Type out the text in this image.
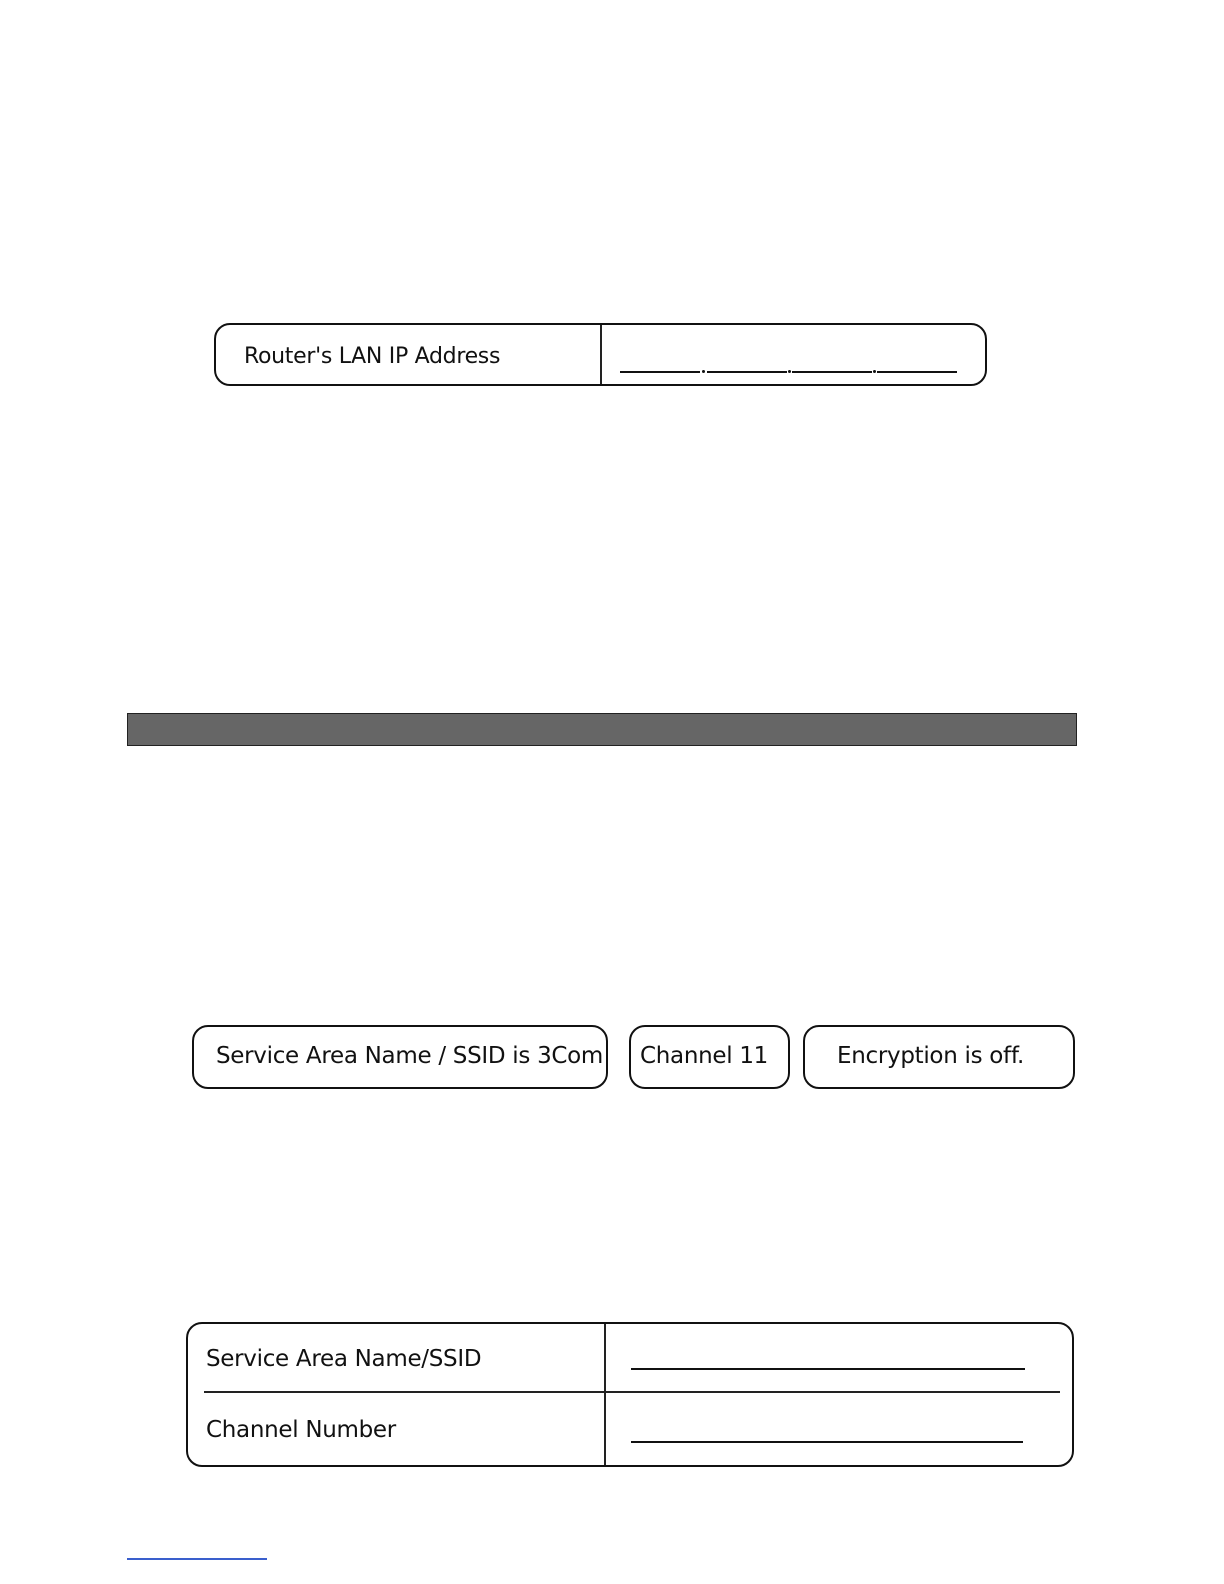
Router's LAN IP Address
Service Area Name / SSID is 3Com Channel 11	Encryption is off.
Service Area Name/SSID
Channel Number
